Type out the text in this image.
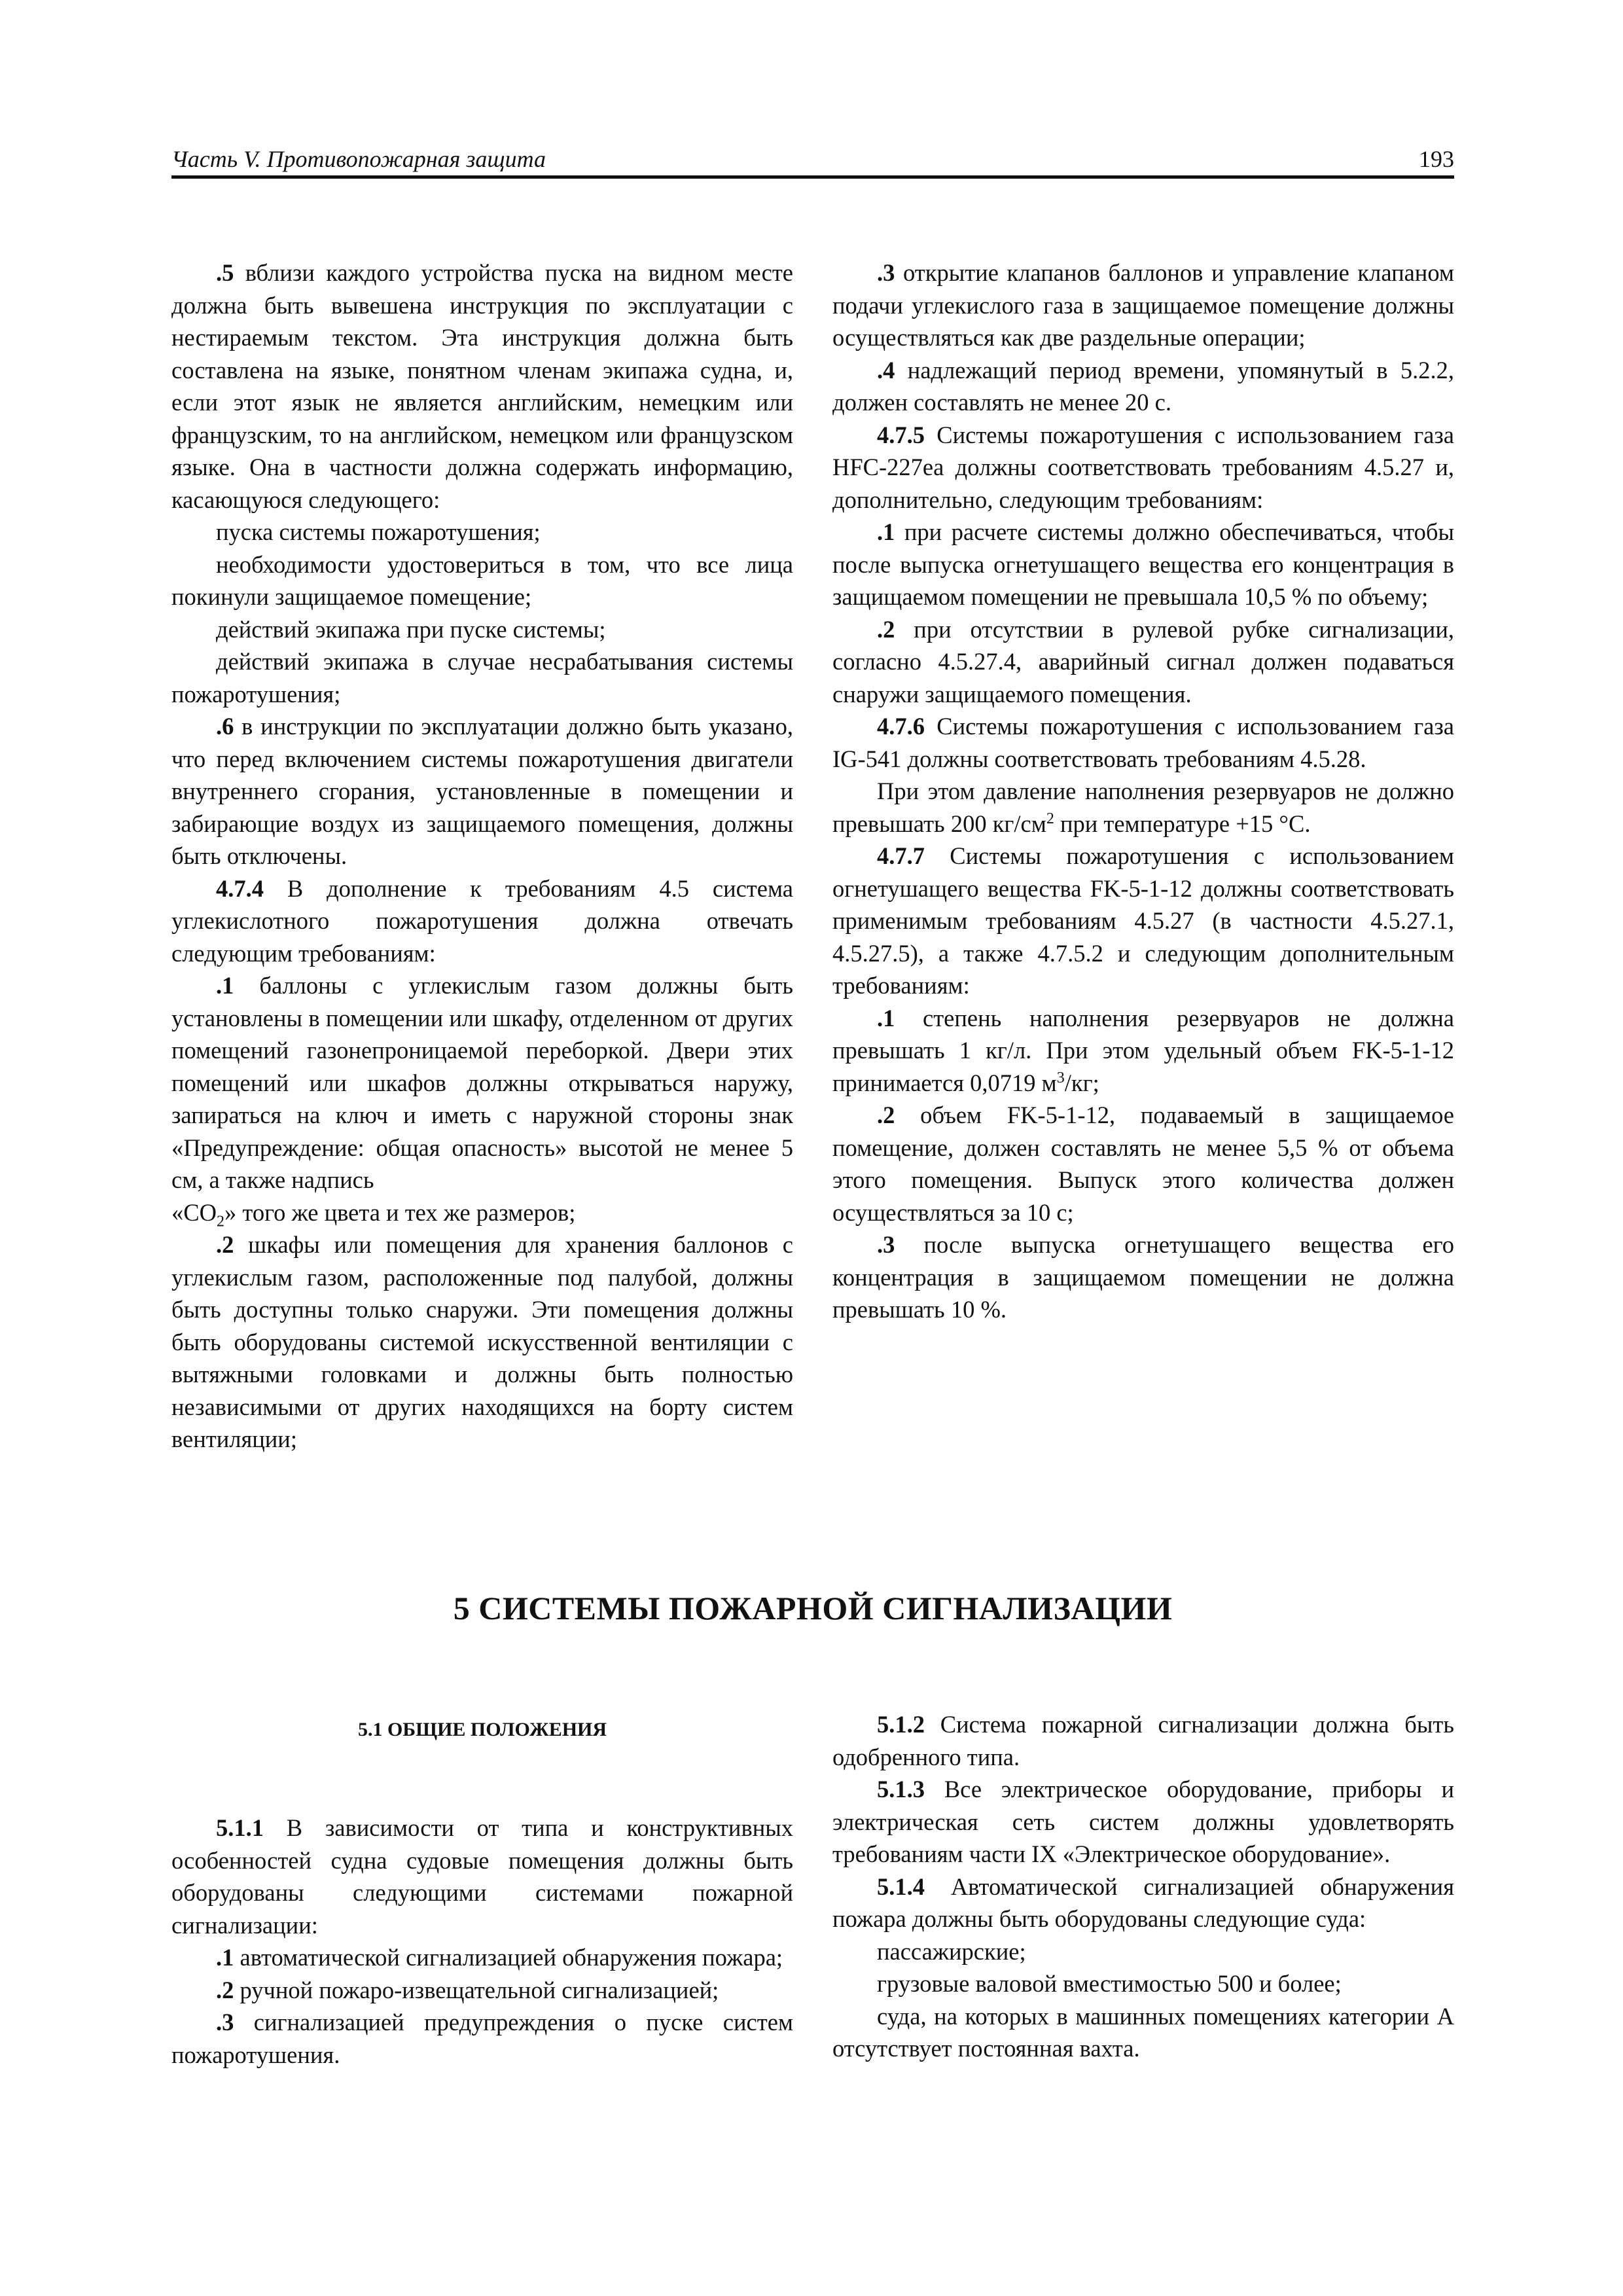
Часть V. Противопожарная защита	193

.5 вблизи каждого устройства пуска на видном месте должна быть вывешена инструкция по эксплуатации с нестираемым текстом. Эта инструкция должна быть составлена на языке, понятном членам экипажа судна, и, если этот язык не является английским, немецким или французским, то на английском, немецком или французском языке. Она в частности должна содержать информацию, касающуюся следующего:

пуска системы пожаротушения;

необходимости удостовериться в том, что все лица покинули защищаемое помещение;

действий экипажа при пуске системы;

действий экипажа в случае несрабатывания системы пожаротушения;

.6 в инструкции по эксплуатации должно быть указано, что перед включением системы пожаротушения двигатели внутреннего сгорания, установленные в помещении и забирающие воздух из защищаемого помещения, должны быть отключены.

4.7.4 В дополнение к требованиям 4.5 система углекислотного пожаротушения должна отвечать следующим требованиям:

.1 баллоны с углекислым газом должны быть установлены в помещении или шкафу, отделенном от других помещений газонепроницаемой переборкой. Двери этих помещений или шкафов должны открываться наружу, запираться на ключ и иметь с наружной стороны знак «Предупреждение: общая опасность» высотой не менее 5 см, а также надпись

«$CO_2$» того же цвета и тех же размеров;

.2 шкафы или помещения для хранения баллонов с углекислым газом, расположенные под палубой, должны быть доступны только снаружи. Эти помещения должны быть оборудованы системой искусственной вентиляции с вытяжными головками и должны быть полностью независимыми от других находящихся на борту систем вентиляции;

.3 открытие клапанов баллонов и управление клапаном подачи углекислого газа в защищаемое помещение должны осуществляться как две раздельные операции;

.4 надлежащий период времени, упомянутый в 5.2.2, должен составлять не менее 20 с.

4.7.5 Системы пожаротушения с использованием газа HFC-227ea должны соответствовать требованиям 4.5.27 и, дополнительно, следующим требованиям:

.1 при расчете системы должно обеспечиваться, чтобы после выпуска огнетушащего вещества его концентрация в защищаемом помещении не превышала 10,5 % по объему;

.2 при отсутствии в рулевой рубке сигнализации, согласно 4.5.27.4, аварийный сигнал должен подаваться снаружи защищаемого помещения.

4.7.6 Системы пожаротушения с использованием газа IG-541 должны соответствовать требованиям 4.5.28.

При этом давление наполнения резервуаров не должно превышать 200 $кг/см^2$ при температуре +15 °С.

4.7.7 Системы пожаротушения с использованием огнетушащего вещества FK-5-1-12 должны соответствовать применимым требованиям 4.5.27 (в частности 4.5.27.1, 4.5.27.5), а также 4.7.5.2 и следующим дополнительным требованиям:

.1 степень наполнения резервуаров не должна превышать 1 кг/л. При этом удельный объем FK-5-1-12 принимается 0,0719 $м^3/кг$;

.2 объем FK-5-1-12, подаваемый в защищаемое помещение, должен составлять не менее 5,5 % от объема этого помещения. Выпуск этого количества должен осуществляться за 10 с;

.3 после выпуска огнетушащего вещества его концентрация в защищаемом помещении не должна превышать 10 %.

5 СИСТЕМЫ ПОЖАРНОЙ СИГНАЛИЗАЦИИ
5.1 ОБЩИЕ ПОЛОЖЕНИЯ

5.1.1 В зависимости от типа и конструктивных особенностей судна судовые помещения должны быть оборудованы следующими системами пожарной сигнализации:

.1 автоматической сигнализацией обнаружения пожара;

.2 ручной пожаро-извещательной сигнализацией;

.3 сигнализацией предупреждения о пуске систем пожаротушения.

5.1.2 Система пожарной сигнализации должна быть одобренного типа.

5.1.3 Все электрическое оборудование, приборы и электрическая сеть систем должны удовлетворять требованиям части IX «Электрическое оборудование».

5.1.4 Автоматической сигнализацией обнаружения пожара должны быть оборудованы следующие суда:

пассажирские;

грузовые валовой вместимостью 500 и более;

суда, на которых в машинных помещениях категории А отсутствует постоянная вахта.
